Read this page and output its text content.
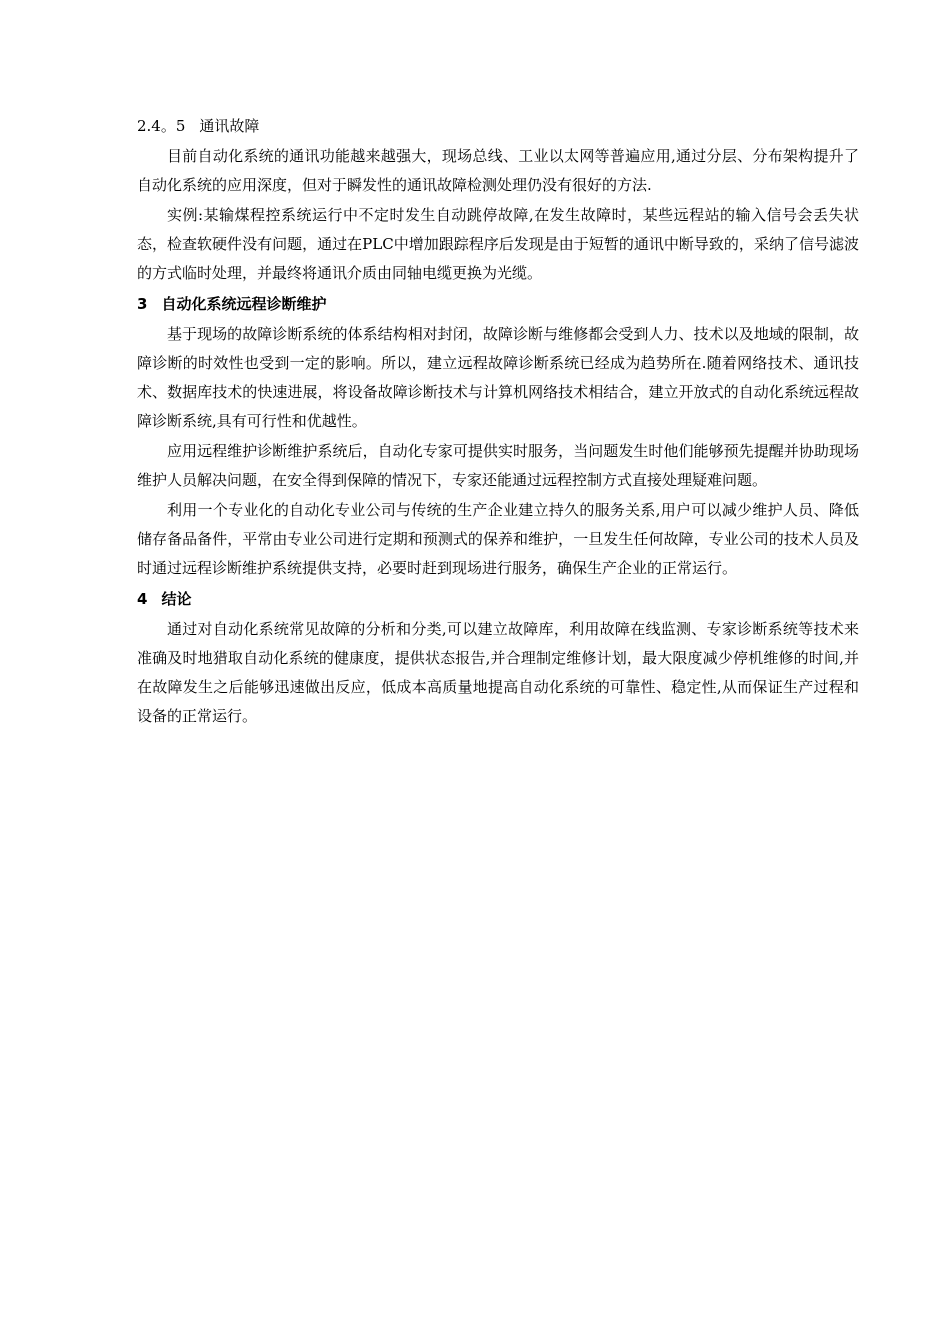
2.4。5 通讯故障

目前自动化系统的通讯功能越来越强大，现场总线、工业以太网等普遍应用,通过分层、分布架构提升了自动化系统的应用深度，但对于瞬发性的通讯故障检测处理仍没有很好的方法.

实例:某输煤程控系统运行中不定时发生自动跳停故障,在发生故障时，某些远程站的输入信号会丢失状态，检查软硬件没有问题，通过在PLC中增加跟踪程序后发现是由于短暂的通讯中断导致的，采纳了信号滤波的方式临时处理，并最终将通讯介质由同轴电缆更换为光缆。

3 自动化系统远程诊断维护

基于现场的故障诊断系统的体系结构相对封闭，故障诊断与维修都会受到人力、技术以及地域的限制，故障诊断的时效性也受到一定的影响。所以，建立远程故障诊断系统已经成为趋势所在.随着网络技术、通讯技术、数据库技术的快速进展，将设备故障诊断技术与计算机网络技术相结合，建立开放式的自动化系统远程故障诊断系统,具有可行性和优越性。

应用远程维护诊断维护系统后，自动化专家可提供实时服务，当问题发生时他们能够预先提醒并协助现场维护人员解决问题，在安全得到保障的情况下，专家还能通过远程控制方式直接处理疑难问题。

利用一个专业化的自动化专业公司与传统的生产企业建立持久的服务关系,用户可以减少维护人员、降低储存备品备件，平常由专业公司进行定期和预测式的保养和维护，一旦发生任何故障，专业公司的技术人员及时通过远程诊断维护系统提供支持，必要时赶到现场进行服务，确保生产企业的正常运行。

4 结论

通过对自动化系统常见故障的分析和分类,可以建立故障库，利用故障在线监测、专家诊断系统等技术来准确及时地猎取自动化系统的健康度，提供状态报告,并合理制定维修计划，最大限度减少停机维修的时间,并在故障发生之后能够迅速做出反应，低成本高质量地提高自动化系统的可靠性、稳定性,从而保证生产过程和设备的正常运行。
